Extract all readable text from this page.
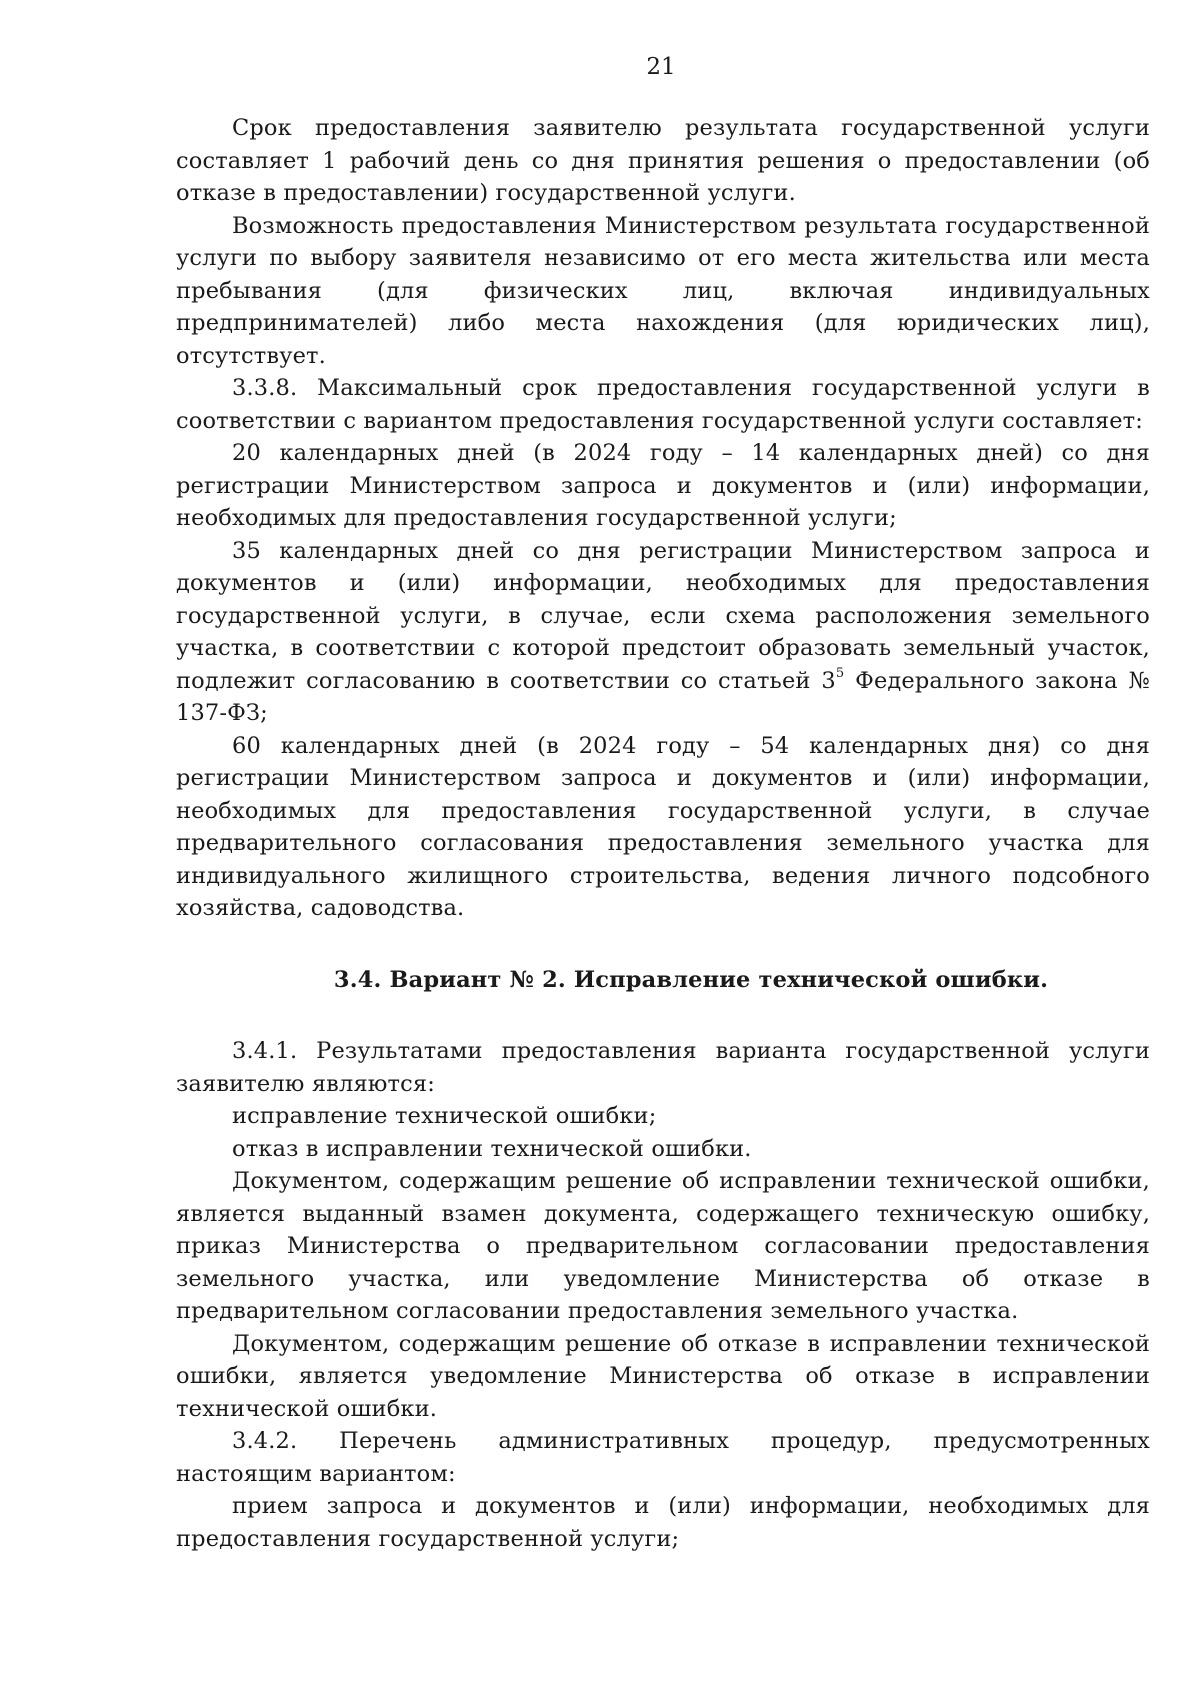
21

Срок предоставления заявителю результата государственной услуги составляет 1 рабочий день со дня принятия решения о предоставлении (об отказе в предоставлении) государственной услуги.

Возможность предоставления Министерством результата государственной услуги по выбору заявителя независимо от его места жительства или места пребывания (для физических лиц, включая индивидуальных предпринимателей) либо места нахождения (для юридических лиц), отсутствует.

3.3.8. Максимальный срок предоставления государственной услуги в соответствии с вариантом предоставления государственной услуги составляет:

20 календарных дней (в 2024 году – 14 календарных дней) со дня регистрации Министерством запроса и документов и (или) информации, необходимых для предоставления государственной услуги;

35 календарных дней со дня регистрации Министерством запроса и документов и (или) информации, необходимых для предоставления государственной услуги, в случае, если схема расположения земельного участка, в соответствии с которой предстоит образовать земельный участок, подлежит согласованию в соответствии со статьей $3^5$ Федерального закона № 137-ФЗ;

60 календарных дней (в 2024 году – 54 календарных дня) со дня регистрации Министерством запроса и документов и (или) информации, необходимых для предоставления государственной услуги, в случае предварительного согласования предоставления земельного участка для индивидуального жилищного строительства, ведения личного подсобного хозяйства, садоводства.

3.4. Вариант № 2. Исправление технической ошибки.

3.4.1. Результатами предоставления варианта государственной услуги заявителю являются:

исправление технической ошибки;

отказ в исправлении технической ошибки.

Документом, содержащим решение об исправлении технической ошибки, является выданный взамен документа, содержащего техническую ошибку, приказ Министерства о предварительном согласовании предоставления земельного участка, или уведомление Министерства об отказе в предварительном согласовании предоставления земельного участка.

Документом, содержащим решение об отказе в исправлении технической ошибки, является уведомление Министерства об отказе в исправлении технической ошибки.

3.4.2. Перечень административных процедур, предусмотренных настоящим вариантом:

прием запроса и документов и (или) информации, необходимых для предоставления государственной услуги;
